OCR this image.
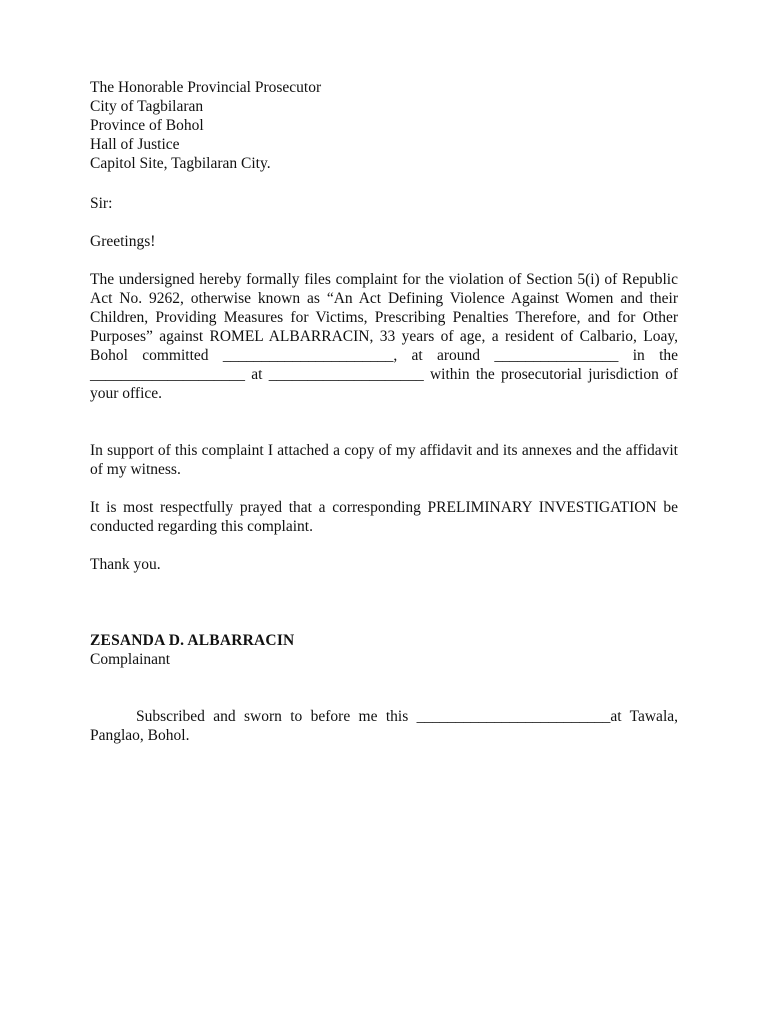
The Honorable Provincial Prosecutor
City of Tagbilaran
Province of Bohol
Hall of Justice
Capitol Site, Tagbilaran City.
Sir:
Greetings!

The undersigned hereby formally files complaint for the violation of Section 5(i) of Republic Act No. 9262, otherwise known as “An Act Defining Violence Against Women and their Children, Providing Measures for Victims, Prescribing Penalties Therefore, and for Other Purposes” against ROMEL ALBARRACIN, 33 years of age, a resident of Calbario, Loay, Bohol committed ______________________, at around ________________ in the ____________________ at ____________________ within the prosecutorial jurisdiction of your office.

In support of this complaint I attached a copy of my affidavit and its annexes and the affidavit of my witness.

It is most respectfully prayed that a corresponding PRELIMINARY INVESTIGATION be conducted regarding this complaint.

Thank you.
ZESANDA D. ALBARRACIN
Complainant

Subscribed and sworn to before me this _________________________at Tawala, Panglao, Bohol.
